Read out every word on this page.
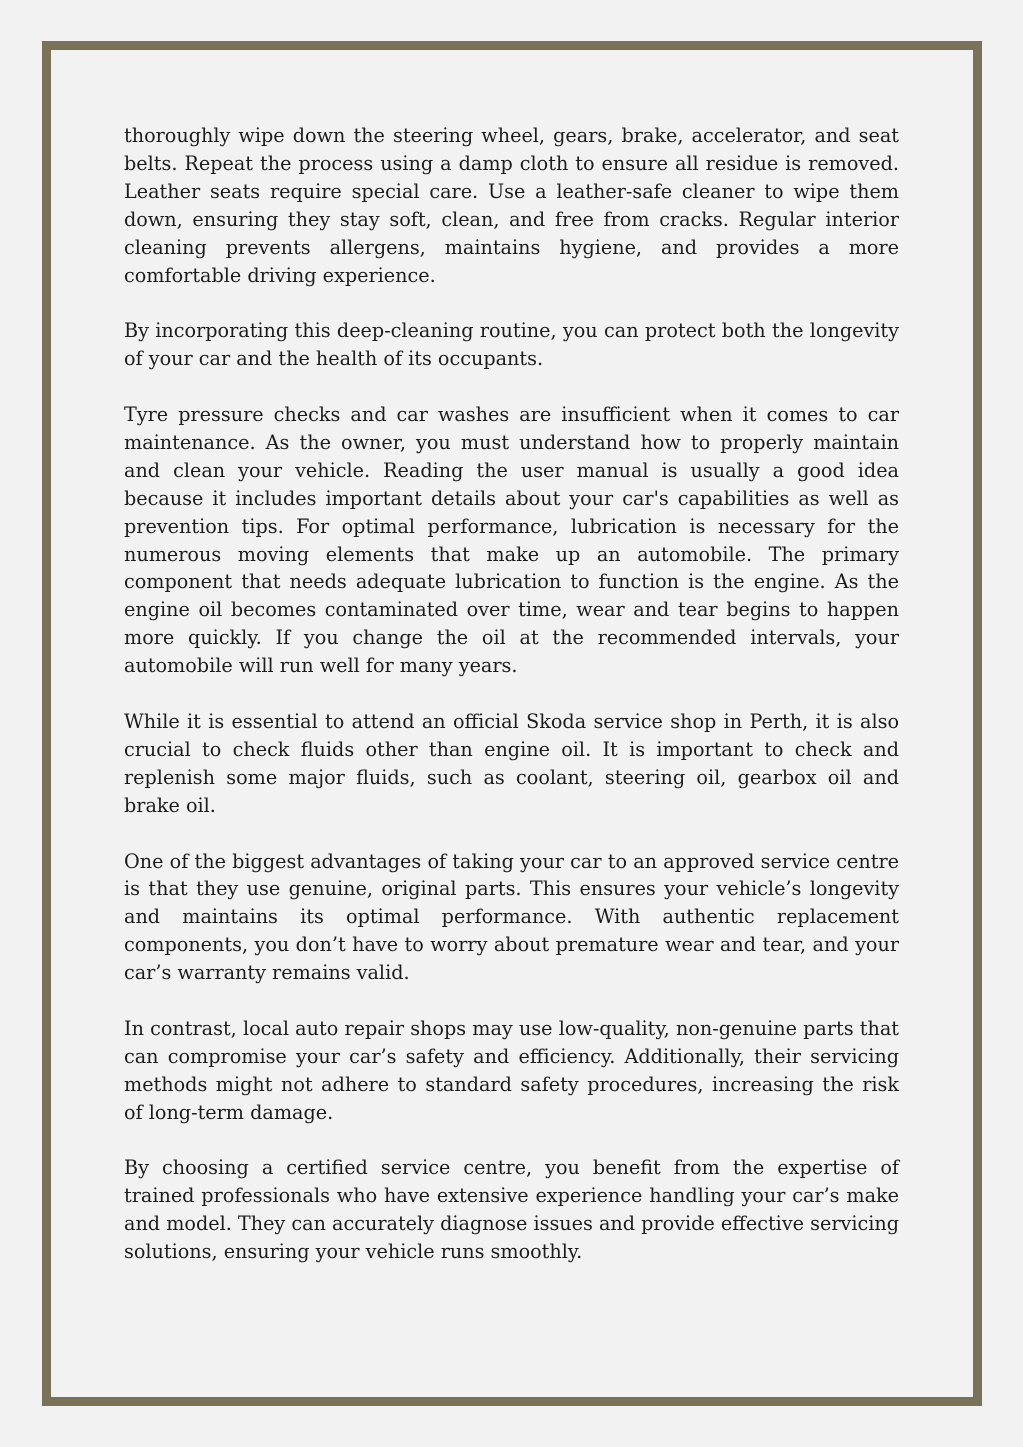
thoroughly wipe down the steering wheel, gears, brake, accelerator, and seat belts. Repeat the process using a damp cloth to ensure all residue is removed. Leather seats require special care. Use a leather-safe cleaner to wipe them down, ensuring they stay soft, clean, and free from cracks. Regular interior cleaning prevents allergens, maintains hygiene, and provides a more comfortable driving experience.

By incorporating this deep-cleaning routine, you can protect both the longevity of your car and the health of its occupants.

Tyre pressure checks and car washes are insufficient when it comes to car maintenance. As the owner, you must understand how to properly maintain and clean your vehicle. Reading the user manual is usually a good idea because it includes important details about your car's capabilities as well as prevention tips. For optimal performance, lubrication is necessary for the numerous moving elements that make up an automobile. The primary component that needs adequate lubrication to function is the engine. As the engine oil becomes contaminated over time, wear and tear begins to happen more quickly. If you change the oil at the recommended intervals, your automobile will run well for many years.

While it is essential to attend an official Skoda service shop in Perth, it is also crucial to check fluids other than engine oil. It is important to check and replenish some major fluids, such as coolant, steering oil, gearbox oil and brake oil.

One of the biggest advantages of taking your car to an approved service centre is that they use genuine, original parts. This ensures your vehicle’s longevity and maintains its optimal performance. With authentic replacement components, you don’t have to worry about premature wear and tear, and your car’s warranty remains valid.

In contrast, local auto repair shops may use low-quality, non-genuine parts that can compromise your car’s safety and efficiency. Additionally, their servicing methods might not adhere to standard safety procedures, increasing the risk of long-term damage.

By choosing a certified service centre, you benefit from the expertise of trained professionals who have extensive experience handling your car’s make and model. They can accurately diagnose issues and provide effective servicing solutions, ensuring your vehicle runs smoothly.
